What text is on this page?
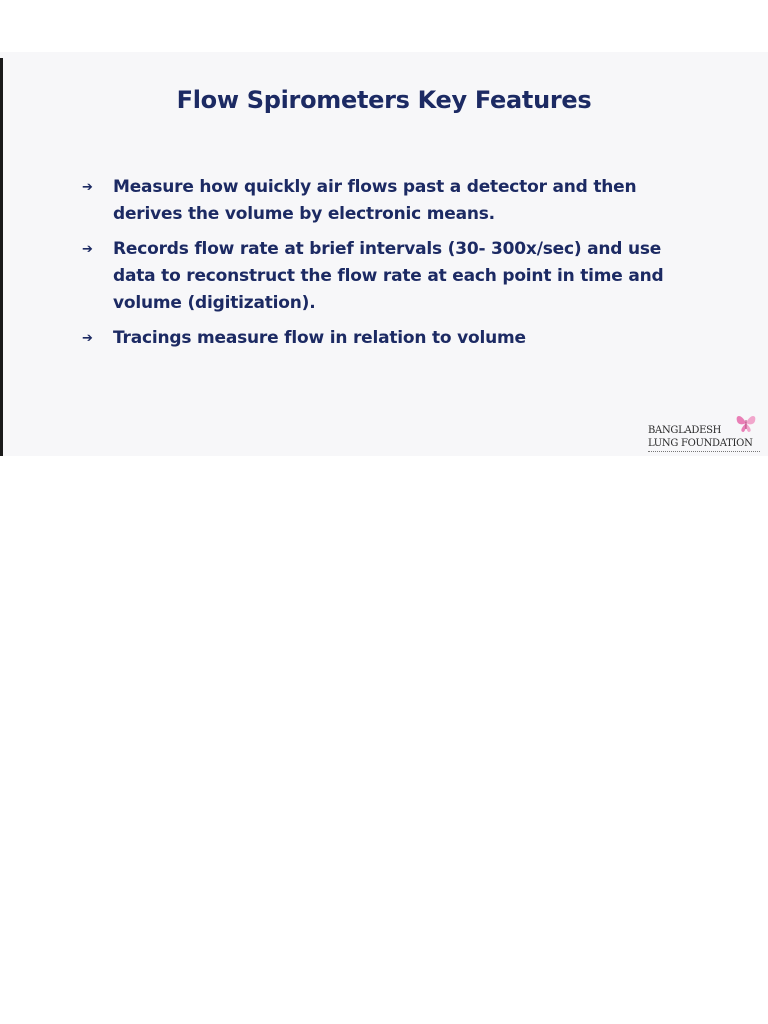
Flow Spirometers Key Features
➔ Measure how quickly air flows past a detector and then derives the volume by electronic means.
➔ Records flow rate at brief intervals (30- 300x/sec) and use data to reconstruct the flow rate at each point in time and volume (digitization).
➔ Tracings measure flow in relation to volume
BANGLADESH
LUNG FOUNDATION
